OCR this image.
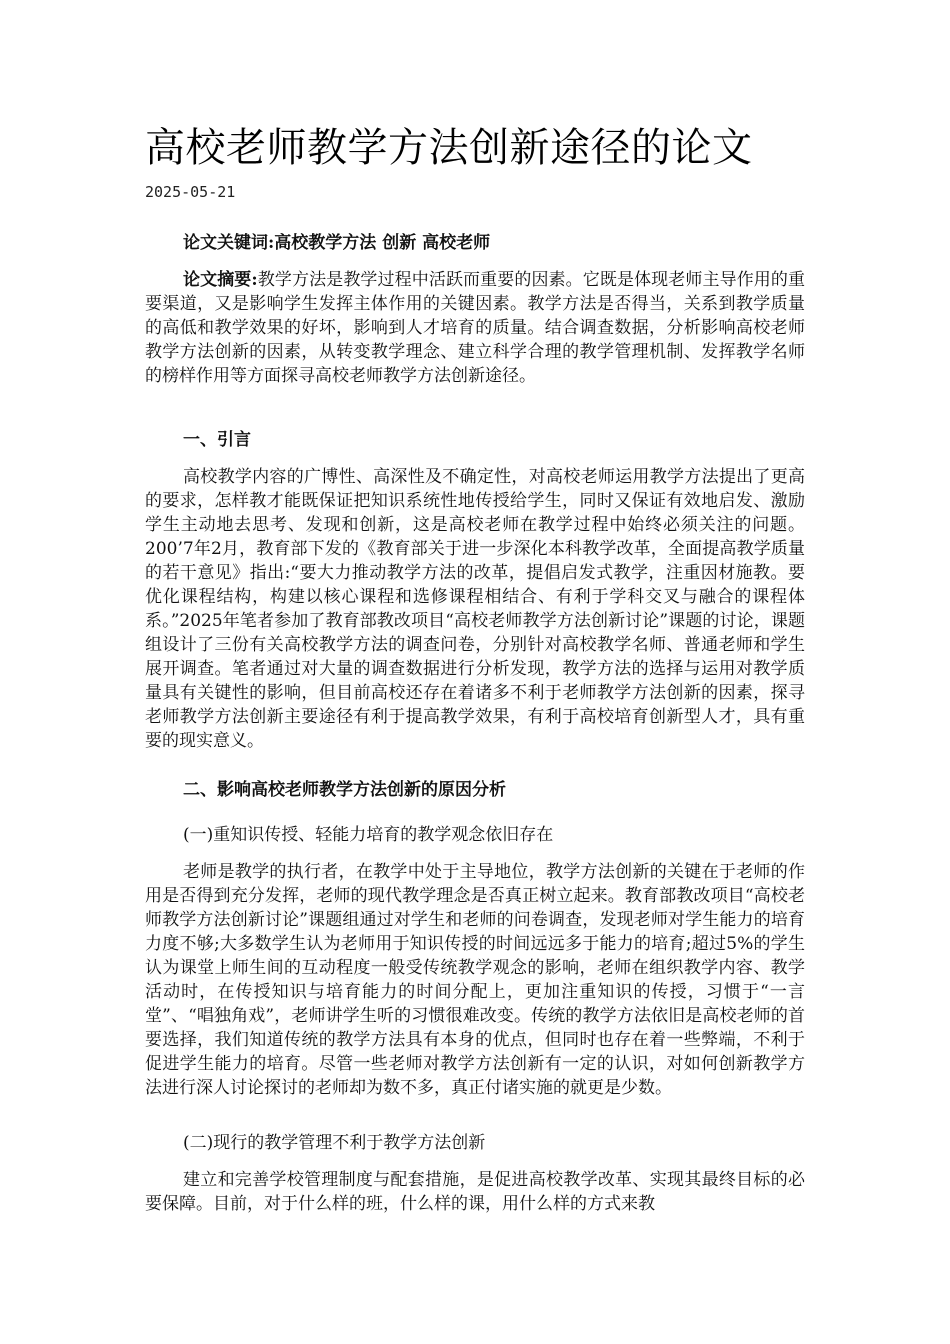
高校老师教学方法创新途径的论文
2025-05-21
论文关键词:高校教学方法 创新 高校老师

论文摘要:教学方法是教学过程中活跃而重要的因素。它既是体现老师主导作用的重要渠道，又是影响学生发挥主体作用的关键因素。教学方法是否得当，关系到教学质量的高低和教学效果的好坏，影响到人才培育的质量。结合调查数据，分析影响高校老师教学方法创新的因素，从转变教学理念、建立科学合理的教学管理机制、发挥教学名师的榜样作用等方面探寻高校老师教学方法创新途径。

一、引言

高校教学内容的广博性、高深性及不确定性，对高校老师运用教学方法提出了更高的要求，怎样教才能既保证把知识系统性地传授给学生，同时又保证有效地启发、激励学生主动地去思考、发现和创新，这是高校老师在教学过程中始终必须关注的问题。200’7年2月，教育部下发的《教育部关于进一步深化本科教学改革，全面提高教学质量的若干意见》指出:“要大力推动教学方法的改革，提倡启发式教学，注重因材施教。要优化课程结构，构建以核心课程和选修课程相结合、有利于学科交叉与融合的课程体系。”2025年笔者参加了教育部教改项目“高校老师教学方法创新讨论”课题的讨论，课题组设计了三份有关高校教学方法的调查问卷，分别针对高校教学名师、普通老师和学生展开调查。笔者通过对大量的调查数据进行分析发现，教学方法的选择与运用对教学质量具有关键性的影响，但目前高校还存在着诸多不利于老师教学方法创新的因素，探寻老师教学方法创新主要途径有利于提高教学效果，有利于高校培育创新型人才，具有重要的现实意义。

二、影响高校老师教学方法创新的原因分析
(一)重知识传授、轻能力培育的教学观念依旧存在

老师是教学的执行者，在教学中处于主导地位，教学方法创新的关键在于老师的作用是否得到充分发挥，老师的现代教学理念是否真正树立起来。教育部教改项目“高校老师教学方法创新讨论”课题组通过对学生和老师的问卷调查，发现老师对学生能力的培育力度不够;大多数学生认为老师用于知识传授的时间远远多于能力的培育;超过5%的学生认为课堂上师生间的互动程度一般受传统教学观念的影响，老师在组织教学内容、教学活动时，在传授知识与培育能力的时间分配上，更加注重知识的传授，习惯于“一言堂”、“唱独角戏”，老师讲学生听的习惯很难改变。传统的教学方法依旧是高校老师的首要选择，我们知道传统的教学方法具有本身的优点，但同时也存在着一些弊端，不利于促进学生能力的培育。尽管一些老师对教学方法创新有一定的认识，对如何创新教学方法进行深人讨论探讨的老师却为数不多，真正付诸实施的就更是少数。

(二)现行的教学管理不利于教学方法创新

建立和完善学校管理制度与配套措施，是促进高校教学改革、实现其最终目标的必要保障。目前，对于什么样的班，什么样的课，用什么样的方式来教
